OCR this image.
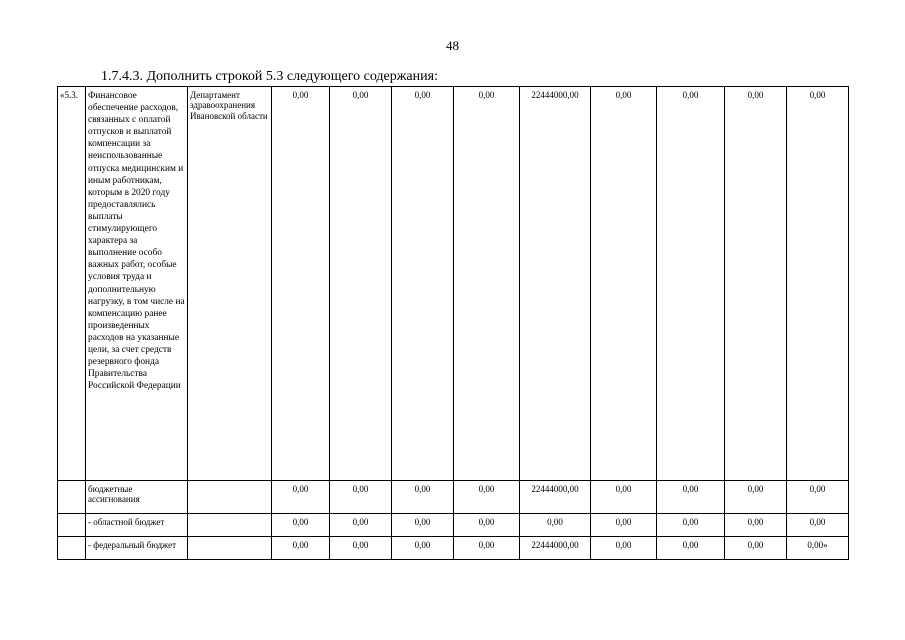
48
1.7.4.3. Дополнить строкой 5.3 следующего содержания:
«5.3.	Финансовое обеспечение расходов, связанных с оплатой отпусков и выплатой компенсации за неиспользованные отпуска медицинским и иным работникам, которым в 2020 году предоставлялись выплаты стимулирующего характера за выполнение особо важных работ, особые условия труда и дополнительную нагрузку, в том числе на компенсацию ранее произведенных расходов на указанные цели, за счет средств резервного фонда Правительства Российской Федерации	Департамент здравоохранения Ивановской области	0,00	0,00	0,00	0,00	22444000,00	0,00	0,00	0,00	0,00
	бюджетные ассигнования		0,00	0,00	0,00	0,00	22444000,00	0,00	0,00	0,00	0,00
	- областной бюджет		0,00	0,00	0,00	0,00	0,00	0,00	0,00	0,00	0,00
	- федеральный бюджет		0,00	0,00	0,00	0,00	22444000,00	0,00	0,00	0,00	0,00»
